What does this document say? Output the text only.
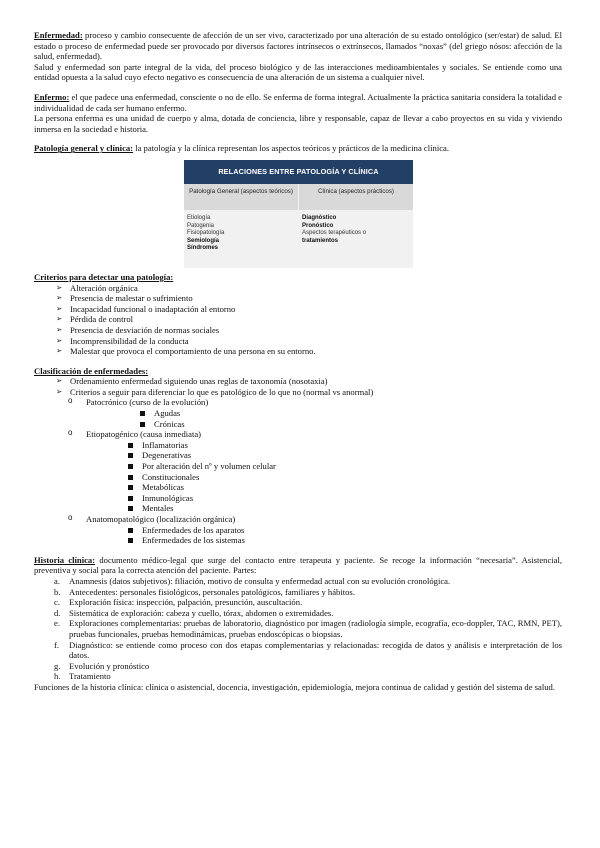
Enfermedad: proceso y cambio consecuente de afección de un ser vivo, caracterizado por una alteración de su estado ontológico (ser/estar) de salud. El estado o proceso de enfermedad puede ser provocado por diversos factores intrínsecos o extrínsecos, llamados “noxas” (del griego nósos: afección de la salud, enfermedad).

Salud y enfermedad son parte integral de la vida, del proceso biológico y de las interacciones medioambientales y sociales. Se entiende como una entidad opuesta a la salud cuyo efecto negativo es consecuencia de una alteración de un sistema a cualquier nivel.

Enfermo: el que padece una enfermedad, consciente o no de ello. Se enferma de forma integral. Actualmente la práctica sanitaria considera la totalidad e individualidad de cada ser humano enfermo.

La persona enferma es una unidad de cuerpo y alma, dotada de conciencia, libre y responsable, capaz de llevar a cabo proyectos en su vida y viviendo inmersa en la sociedad e historia.

Patología general y clínica: la patología y la clínica representan los aspectos teóricos y prácticos de la medicina clínica.

RELACIONES ENTRE PATOLOGÍA Y CLÍNICA
Patología General (aspectos teóricos)	Clínica (aspectos prácticos)
Etiología
Patogenia
Fisiopatología
Semiología
Síndromes
Diagnóstico
Pronóstico
Aspectos terapéuticos o
tratamientos

Criterios para detectar una patología:

➢ Alteración orgánica
➢ Presencia de malestar o sufrimiento
➢ Incapacidad funcional o inadaptación al entorno
➢ Pérdida de control
➢ Presencia de desviación de normas sociales
➢ Incomprensibilidad de la conducta
➢ Malestar que provoca el comportamiento de una persona en su entorno.

Clasificación de enfermedades:

➢ Ordenamiento enfermedad siguiendo unas reglas de taxonomía (nosotaxia)
➢ Criterios a seguir para diferenciar lo que es patológico de lo que no (normal vs anormal)
o Patocrónico (curso de la evolución)
Agudas
Crónicas
o Etiopatogénico (causa inmediata)
Inflamatorias
Degenerativas
Por alteración del nº y volumen celular
Constitucionales
Metabólicas
Inmunológicas
Mentales
o Anatomopatológico (localización orgánica)
Enfermedades de los aparatos
Enfermedades de los sistemas

Historia clínica: documento médico-legal que surge del contacto entre terapeuta y paciente. Se recoge la información “necesaria”. Asistencial, preventiva y social para la correcta atención del paciente. Partes:

a. Anamnesis (datos subjetivos): filiación, motivo de consulta y enfermedad actual con su evolución cronológica.
b. Antecedentes: personales fisiológicos, personales patológicos, familiares y hábitos.
c. Exploración física: inspección, palpación, presunción, auscultación.
d. Sistemática de exploración: cabeza y cuello, tórax, abdomen o extremidades.
e. Exploraciones complementarias: pruebas de laboratorio, diagnóstico por imagen (radiología simple, ecografía, eco-doppler, TAC, RMN, PET), pruebas funcionales, pruebas hemodinámicas, pruebas endoscópicas o biopsias.
f. Diagnóstico: se entiende como proceso con dos etapas complementarias y relacionadas: recogida de datos y análisis e interpretación de los datos.
g. Evolución y pronóstico
h. Tratamiento

Funciones de la historia clínica: clínica o asistencial, docencia, investigación, epidemiología, mejora continua de calidad y gestión del sistema de salud.
